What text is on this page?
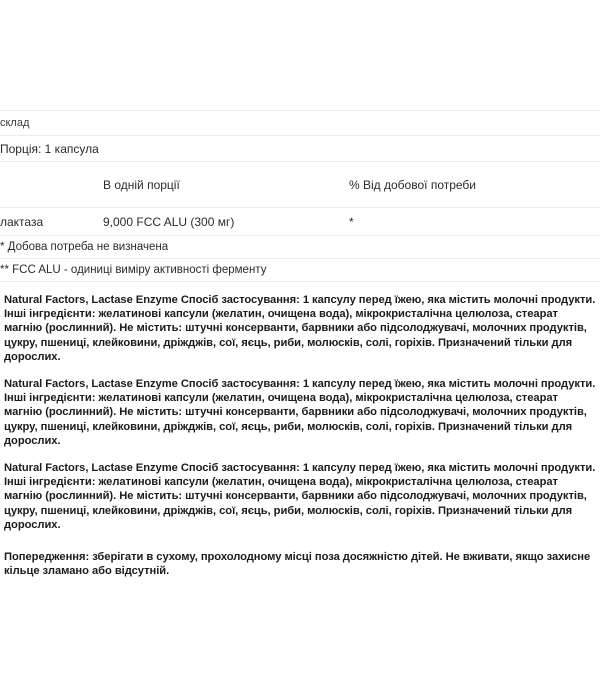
склад		
Порція: 1 капсула		
	В одній порції	% Від добової потреби
лактаза	9,000 FCC ALU (300 мг)	*
* Добова потреба не визначена		
** FCC ALU - одиниці виміру активності ферменту		

Natural Factors, Lactase Enzyme Спосіб застосування: 1 капсулу перед їжею, яка містить молочні продукти. Інші інгредієнти: желатинові капсули (желатин, очищена вода), мікрокристалічна целюлоза, стеарат магнію (рослинний). Не містить: штучні консерванти, барвники або підсолоджувачі, молочних продуктів, цукру, пшениці, клейковини, дріжджів, сої, яєць, риби, молюсків, солі, горіхів. Призначений тільки для дорослих.

Natural Factors, Lactase Enzyme Спосіб застосування: 1 капсулу перед їжею, яка містить молочні продукти. Інші інгредієнти: желатинові капсули (желатин, очищена вода), мікрокристалічна целюлоза, стеарат магнію (рослинний). Не містить: штучні консерванти, барвники або підсолоджувачі, молочних продуктів, цукру, пшениці, клейковини, дріжджів, сої, яєць, риби, молюсків, солі, горіхів. Призначений тільки для дорослих.

Natural Factors, Lactase Enzyme Спосіб застосування: 1 капсулу перед їжею, яка містить молочні продукти. Інші інгредієнти: желатинові капсули (желатин, очищена вода), мікрокристалічна целюлоза, стеарат магнію (рослинний). Не містить: штучні консерванти, барвники або підсолоджувачі, молочних продуктів, цукру, пшениці, клейковини, дріжджів, сої, яєць, риби, молюсків, солі, горіхів. Призначений тільки для дорослих.

Попередження: зберігати в сухому, прохолодному місці поза досяжністю дітей. Не вживати, якщо захисне кільце зламано або відсутній.
